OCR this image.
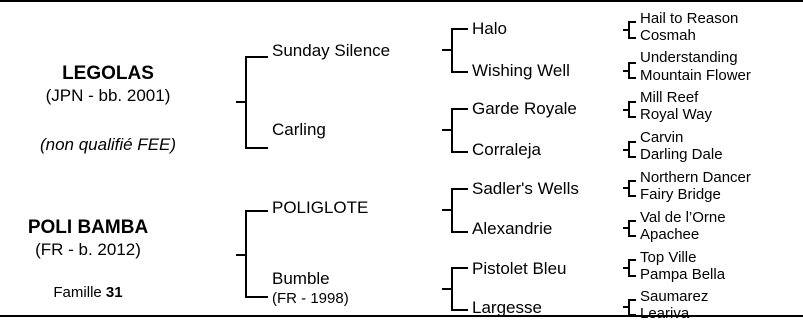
LEGOLAS
(JPN - bb. 2001)
(non qualifié FEE)
Sunday Silence
Carling
Halo
Wishing Well
Garde Royale
Corraleja
Hail to Reason
Cosmah
Understanding
Mountain Flower
Mill Reef
Royal Way
Carvin
Darling Dale
POLI BAMBA
(FR - b. 2012)
Famille 31
POLIGLOTE
Bumble
(FR - 1998)
Sadler's Wells
Alexandrie
Pistolet Bleu
Largesse
Northern Dancer
Fairy Bridge
Val de l’Orne
Apachee
Top Ville
Pampa Bella
Saumarez
Leariva
